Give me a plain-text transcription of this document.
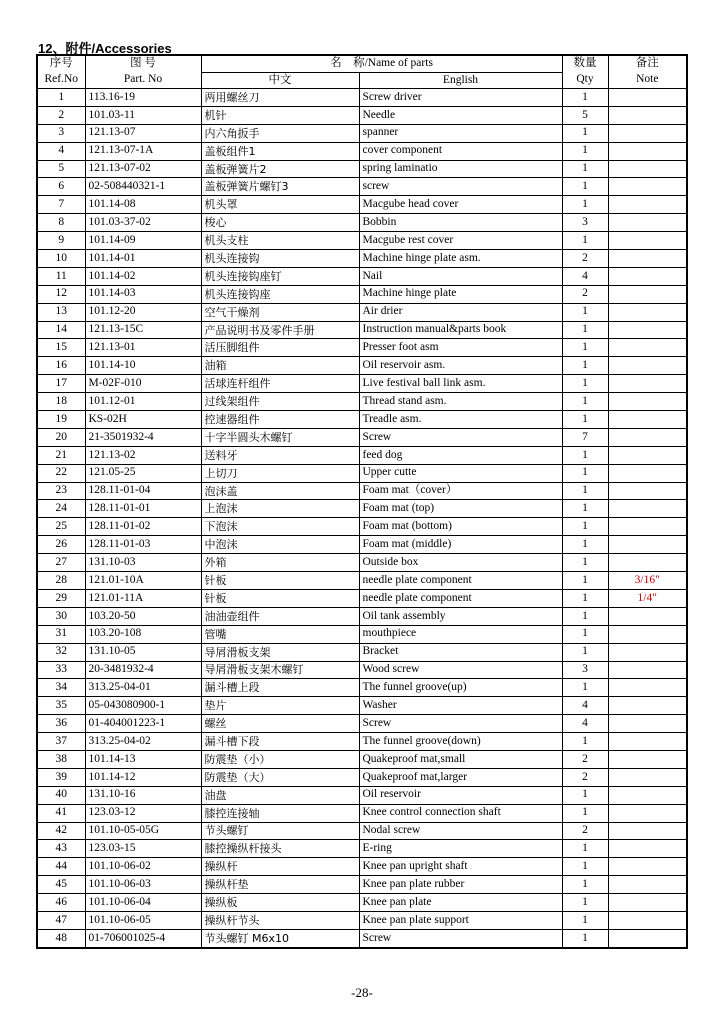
12、附件/Accessories
序号	图 号	名　称/Name of parts		数量	备注
Ref.No	Part. No	中文	English	Qty	Note
1	113.16-19	两用螺丝刀	Screw driver	1	
2	101.03-11	机针	Needle	5	
3	121.13-07	内六角扳手	spanner	1	
4	121.13-07-1A	盖板组件1	cover component	1	
5	121.13-07-02	盖板弹簧片2	spring laminatio	1	
6	02-508440321-1	盖板弹簧片螺钉3	screw	1	
7	101.14-08	机头罩	Macgube head cover	1	
8	101.03-37-02	梭心	Bobbin	3	
9	101.14-09	机头支柱	Macgube rest cover	1	
10	101.14-01	机头连接钩	Machine hinge plate asm.	2	
11	101.14-02	机头连接钩座钉	Nail	4	
12	101.14-03	机头连接钩座	Machine hinge plate	2	
13	101.12-20	空气干燥剂	Air drier	1	
14	121.13-15C	产品说明书及零件手册	Instruction manual&parts book	1	
15	121.13-01	活压脚组件	Presser foot asm	1	
16	101.14-10	油箱	Oil reservoir asm.	1	
17	M-02F-010	活球连杆组件	Live festival ball link asm.	1	
18	101.12-01	过线架组件	Thread stand asm.	1	
19	KS-02H	控速器组件	Treadle asm.	1	
20	21-3501932-4	十字半圆头木螺钉	Screw	7	
21	121.13-02	送料牙	feed dog	1	
22	121.05-25	上切刀	Upper cutte	1	
23	128.11-01-04	泡沫盖	Foam mat（cover）	1	
24	128.11-01-01	上泡沫	Foam mat (top)	1	
25	128.11-01-02	下泡沫	Foam mat (bottom)	1	
26	128.11-01-03	中泡沫	Foam mat (middle)	1	
27	131.10-03	外箱	Outside box	1	
28	121.01-10A	针板	needle plate component	1	3/16"
29	121.01-11A	针板	needle plate component	1	1/4"
30	103.20-50	油油壶组件	Oil tank assembly	1	
31	103.20-108	管嘴	mouthpiece	1	
32	131.10-05	导屑滑板支架	Bracket	1	
33	20-3481932-4	导屑滑板支架木螺钉	Wood screw	3	
34	313.25-04-01	漏斗槽上段	The funnel groove(up)	1	
35	05-043080900-1	垫片	Washer	4	
36	01-404001223-1	螺丝	Screw	4	
37	313.25-04-02	漏斗槽下段	The funnel groove(down)	1	
38	101.14-13	防震垫（小）	Quakeproof mat,small	2	
39	101.14-12	防震垫（大）	Quakeproof mat,larger	2	
40	131.10-16	油盘	Oil reservoir	1	
41	123.03-12	膝控连接轴	Knee control connection shaft	1	
42	101.10-05-05G	节头螺钉	Nodal screw	2	
43	123.03-15	膝控操纵杆接头	E-ring	1	
44	101.10-06-02	操纵杆	Knee pan upright shaft	1	
45	101.10-06-03	操纵杆垫	Knee pan plate rubber	1	
46	101.10-06-04	操纵板	Knee pan plate	1	
47	101.10-06-05	操纵杆节头	Knee pan plate support	1	
48	01-706001025-4	节头螺钉 M6x10	Screw	1	
-28-
